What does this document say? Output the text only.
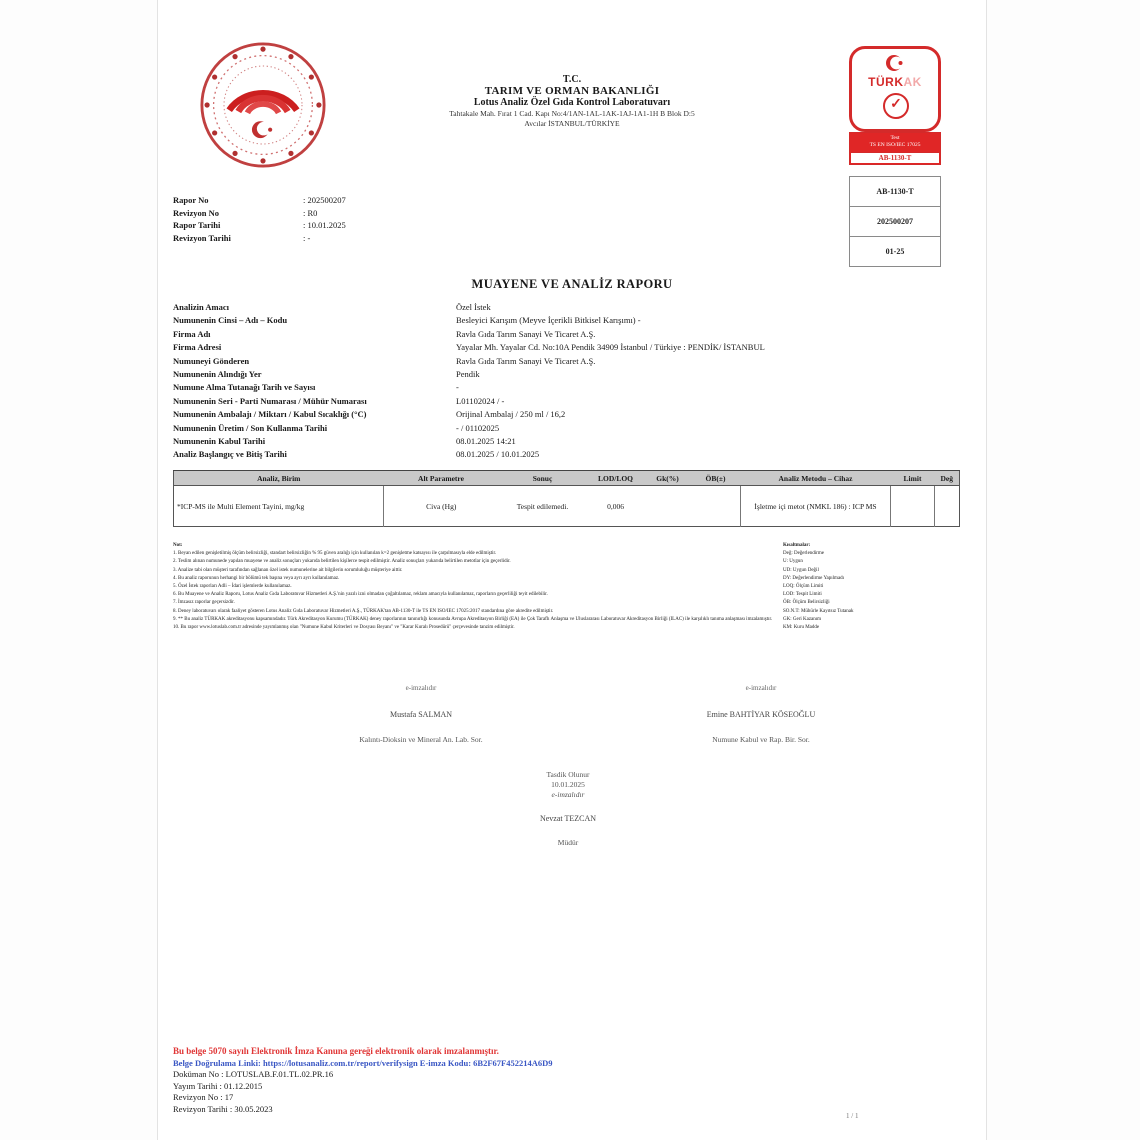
T.C.
TARIM VE ORMAN BAKANLIĞI
Lotus Analiz Özel Gıda Kontrol Laboratuvarı
Tahtakale Mah. Fırat 1 Cad. Kapı No:4/1AN-1AL-1AK-1AJ-1A1-1H B Blok D:5
Avcılar İSTANBUL/TÜRKİYE
TÜRKAK
✓
Test
TS EN ISO/IEC 17025
AB-1130-T
AB-1130-T
202500207
01-25
Rapor No	: 202500207
Revizyon No	: R0
Rapor Tarihi	: 10.01.2025
Revizyon Tarihi	: -
MUAYENE VE ANALİZ RAPORU
Analizin Amacı	Özel İstek
Numunenin Cinsi – Adı – Kodu	Besleyici Karışım (Meyve İçerikli Bitkisel Karışımı) -
Firma Adı	Ravla Gıda Tarım Sanayi Ve Ticaret A.Ş.
Firma Adresi	Yayalar Mh. Yayalar Cd. No:10A Pendik 34909 İstanbul / Türkiye : PENDİK/ İSTANBUL
Numuneyi Gönderen	Ravla Gıda Tarım Sanayi Ve Ticaret A.Ş.
Numunenin Alındığı Yer	Pendik
Numune Alma Tutanağı Tarih ve Sayısı	-
Numunenin Seri - Parti Numarası / Mühür Numarası	L01102024 / -
Numunenin Ambalajı / Miktarı / Kabul Sıcaklığı (°C)	Orijinal Ambalaj / 250 ml / 16,2
Numunenin Üretim / Son Kullanma Tarihi	- / 01102025
Numunenin Kabul Tarihi	08.01.2025 14:21
Analiz Başlangıç ve Bitiş Tarihi	08.01.2025 / 10.01.2025
Analiz, Birim	Alt Parametre	Sonuç	LOD/LOQ	Gk(%)	ÖB(±)	Analiz Metodu – Cihaz	Limit	Değ
*ICP-MS ile Multi Element Tayini, mg/kg	Civa (Hg)	Tespit edilemedi.	0,006			İşletme içi metot (NMKL 186) : ICP MS		
Not:
1. Beyan edilen genişletilmiş ölçüm belirsizliği, standart belirsizliğin % 95 güven aralığı için kullanılan k=2 genişletme katsayısı ile çarpılmasıyla elde edilmiştir.
2. Teslim alınan numunede yapılan muayene ve analiz sonuçları yukarıda belirtilen kişilerce tespit edilmiştir. Analiz sonuçları yukarıda belirtilen metotlar için geçerlidir.
3. Analize tabi olan müşteri tarafından sağlanan özel istek numunelerine ait bilgilerin sorumluluğu müşteriye aittir.
4. Bu analiz raporunun herhangi bir bölümü tek başına veya ayrı ayrı kullanılamaz.
5. Özel İstek raporları Adli – İdari işlemlerde kullanılamaz.
6. Bu Muayene ve Analiz Raporu, Lotus Analiz Gıda Laboratuvar Hizmetleri A.Ş.'nin yazılı izni olmadan çoğaltılamaz, reklam amacıyla kullanılamaz, raporların geçerliliği teyit edilebilir.
7. İmzasız raporlar geçersizdir.
8. Deney laboratuvarı olarak faaliyet gösteren Lotus Analiz Gıda Laboratuvar Hizmetleri A.Ş., TÜRKAK'tan AB-1130-T ile TS EN ISO/IEC 17025:2017 standardına göre akredite edilmiştir.
9. ** Bu analiz TÜRKAK akreditasyonu kapsamındadır. Türk Akreditasyon Kurumu (TÜRKAK) deney raporlarının tanınırlığı konusunda Avrupa Akreditasyon Birliği (EA) ile Çok Taraflı Anlaşma ve Uluslararası Laboratuvar Akreditasyon Birliği (ILAC) ile karşılıklı tanıma anlaşması imzalamıştır.
10. Bu rapor www.lotuslab.com.tr adresinde yayımlanmış olan "Numune Kabul Kriterleri ve Dosyası Beyanı" ve "Karar Kuralı Prosedürü" çerçevesinde tanzim edilmiştir.
Kısaltmalar:
Değ: Değerlendirme
U: Uygun
UD: Uygun Değil
DY: Değerlendirme Yapılmadı
LOQ: Ölçüm Limiti
LOD: Tespit Limiti
ÖB: Ölçüm Belirsizliği
SO.N.T: Mühürle Kayıtsız Tutanak
GK: Geri Kazanım
KM: Kuru Madde
e-imzalıdır
Mustafa SALMAN
Kalıntı-Dioksin ve Mineral An. Lab. Sor.
e-imzalıdır
Emine BAHTİYAR KÖSEOĞLU
Numune Kabul ve Rap. Bir. Sor.
Tasdik Olunur
10.01.2025
e-imzalıdır
Nevzat TEZCAN
Müdür
Bu belge 5070 sayılı Elektronik İmza Kanuna gereği elektronik olarak imzalanmıştır.
Belge Doğrulama Linki: https://lotusanaliz.com.tr/report/verifysign E-imza Kodu: 6B2F67F452214A6D9
Doküman No : LOTUSLAB.F.01.TL.02.PR.16
Yayım Tarihi : 01.12.2015
Revizyon No : 17
Revizyon Tarihi : 30.05.2023
1 / 1
